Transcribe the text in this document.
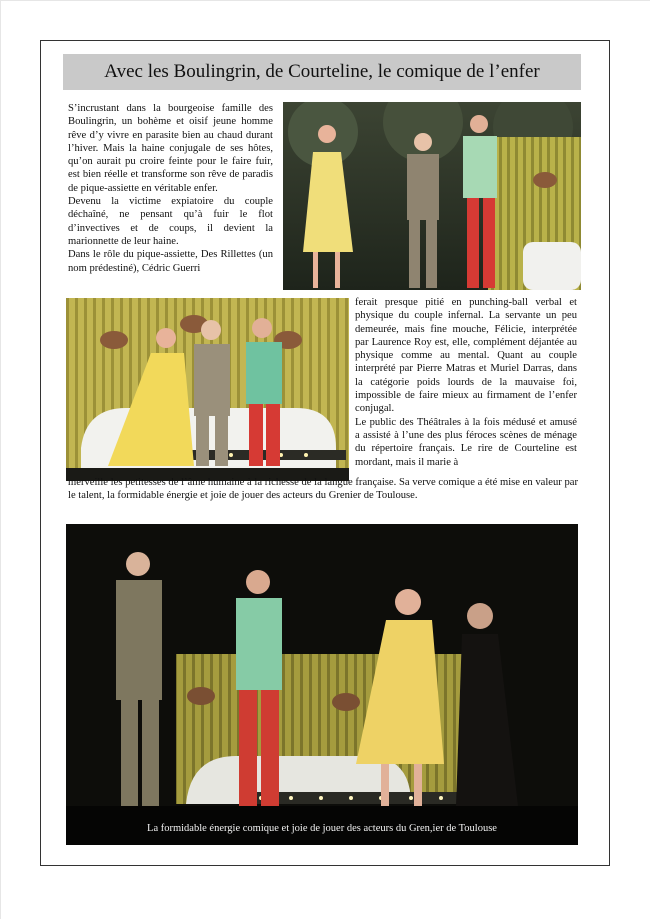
Avec les Boulingrin, de Courteline, le comique de l’enfer

S’incrustant dans la bourgeoise famille des Boulingrin, un bohème et oisif jeune homme rêve d’y vivre en parasite bien au chaud durant l’hiver. Mais la haine conjugale de ses hôtes, qu’on aurait pu croire feinte pour le faire fuir, est bien réelle et transforme son rêve de paradis de pique-assiette en véritable enfer.

Devenu la victime expiatoire du couple déchaîné, ne pensant qu’à fuir le flot d’invectives et de coups, il devient la marionnette de leur haine.

Dans le rôle du pique-assiette, Des Rillettes (un nom prédestiné), Cédric Guerri

ferait presque pitié en punching-ball verbal et physique du couple infernal. La servante un peu demeurée, mais fine mouche, Félicie, interprétée par Laurence Roy est, elle, complément déjantée au physique comme au mental. Quant au couple interprété par Pierre Matras et Muriel Darras, dans la catégorie poids lourds de la mauvaise foi, impossible de faire mieux au firmament de l’enfer conjugal.

Le public des Théâtrales à la fois médusé et amusé a assisté à l’une des plus féroces scènes de ménage du répertoire français. Le rire de Courteline est mordant, mais il marie à

merveille les petitesses de l’âme humaine à la richesse de la langue française. Sa verve comique a été mise en valeur par le talent, la formidable énergie et joie de jouer des acteurs du Grenier de Toulouse.

La formidable énergie comique et joie de jouer des acteurs du Gren,ier de Toulouse
